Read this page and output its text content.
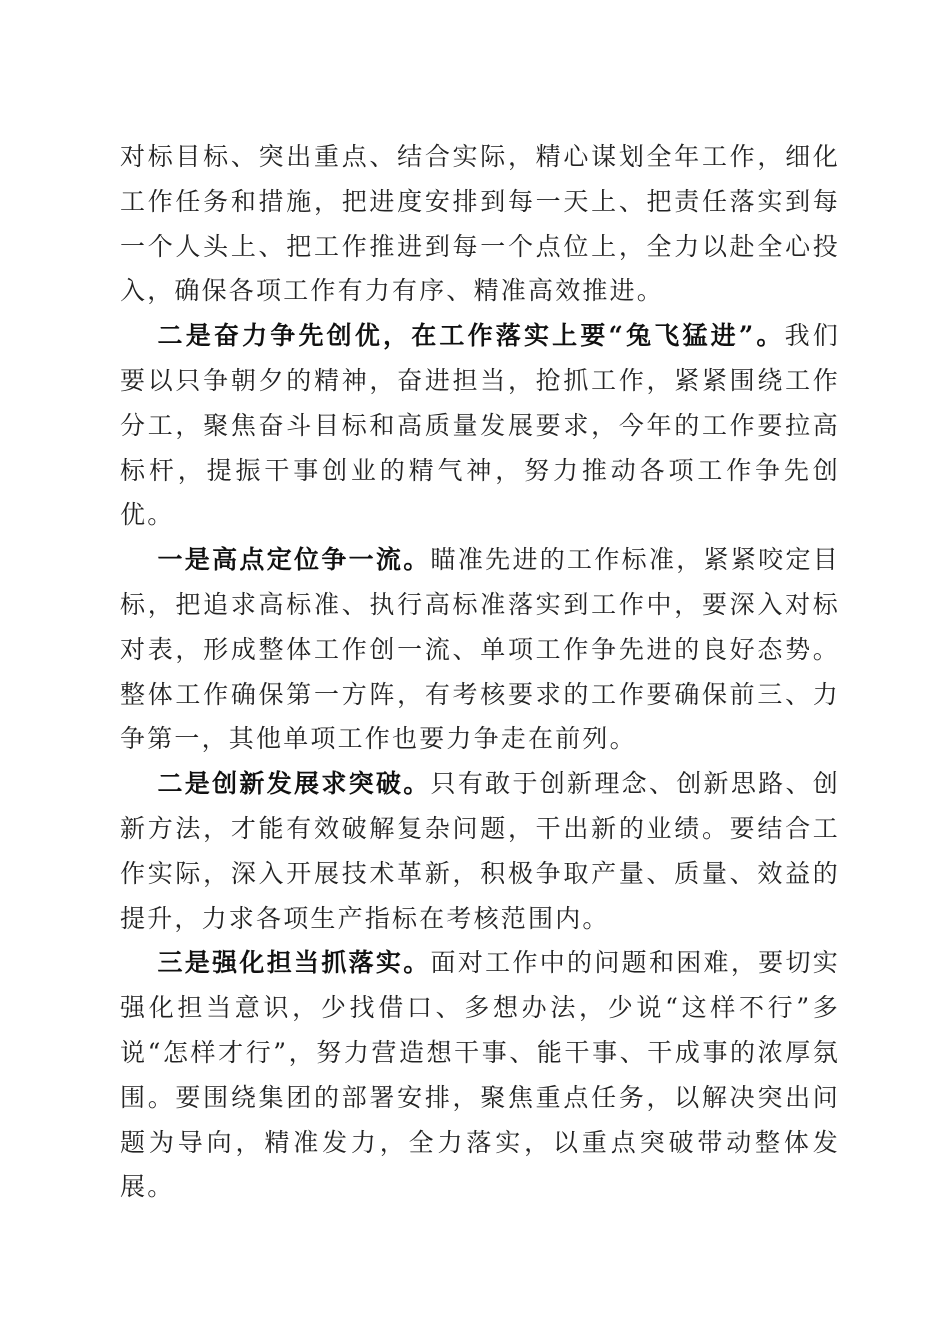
对标目标、突出重点、结合实际，精心谋划全年工作，细化工作任务和措施，把进度安排到每一天上、把责任落实到每一个人头上、把工作推进到每一个点位上，全力以赴全心投入，确保各项工作有力有序、精准高效推进。

二是奋力争先创优，在工作落实上要“兔飞猛进”。我们要以只争朝夕的精神，奋进担当，抢抓工作，紧紧围绕工作分工，聚焦奋斗目标和高质量发展要求，今年的工作要拉高标杆，提振干事创业的精气神，努力推动各项工作争先创优。

一是高点定位争一流。瞄准先进的工作标准，紧紧咬定目标，把追求高标准、执行高标准落实到工作中，要深入对标对表，形成整体工作创一流、单项工作争先进的良好态势。整体工作确保第一方阵，有考核要求的工作要确保前三、力争第一，其他单项工作也要力争走在前列。

二是创新发展求突破。只有敢于创新理念、创新思路、创新方法，才能有效破解复杂问题，干出新的业绩。要结合工作实际，深入开展技术革新，积极争取产量、质量、效益的提升，力求各项生产指标在考核范围内。

三是强化担当抓落实。面对工作中的问题和困难，要切实强化担当意识，少找借口、多想办法，少说“这样不行”多说“怎样才行”，努力营造想干事、能干事、干成事的浓厚氛围。要围绕集团的部署安排，聚焦重点任务，以解决突出问题为导向，精准发力，全力落实，以重点突破带动整体发展。
